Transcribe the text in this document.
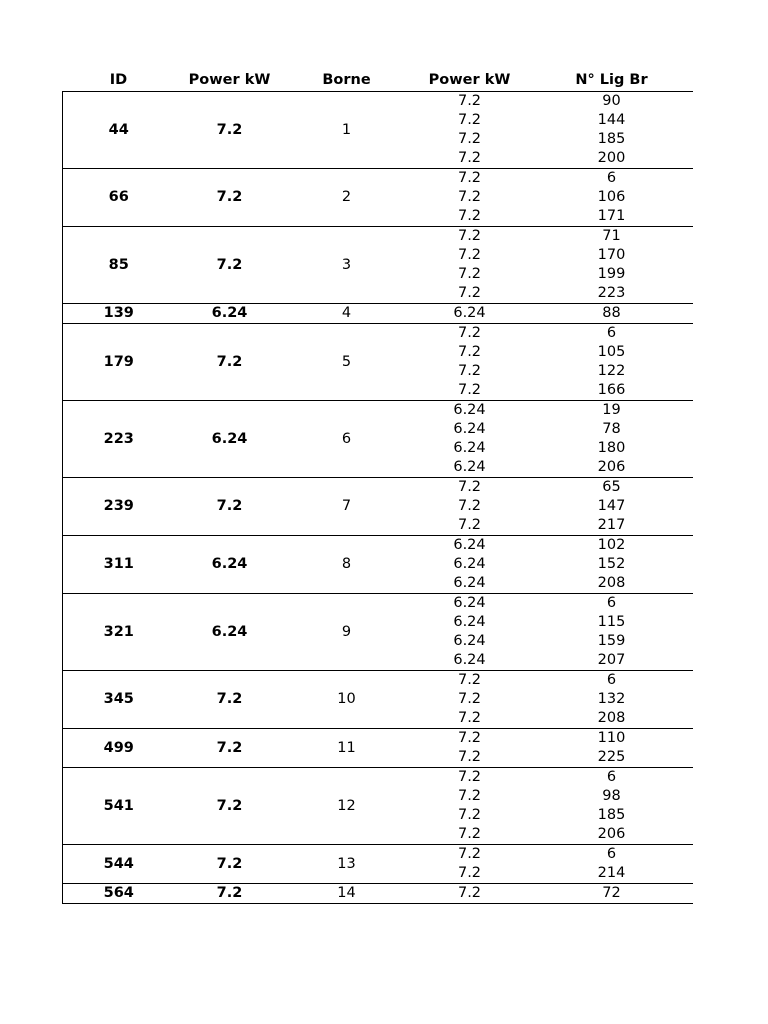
ID	Power kW	Borne	Power kW	N° Lig Br
44	7.2	1	7.2	90
			7.2	144
			7.2	185
			7.2	200
66	7.2	2	7.2	6
			7.2	106
			7.2	171
85	7.2	3	7.2	71
			7.2	170
			7.2	199
			7.2	223
139	6.24	4	6.24	88
179	7.2	5	7.2	6
			7.2	105
			7.2	122
			7.2	166
223	6.24	6	6.24	19
			6.24	78
			6.24	180
			6.24	206
239	7.2	7	7.2	65
			7.2	147
			7.2	217
311	6.24	8	6.24	102
			6.24	152
			6.24	208
321	6.24	9	6.24	6
			6.24	115
			6.24	159
			6.24	207
345	7.2	10	7.2	6
			7.2	132
			7.2	208
499	7.2	11	7.2	110
			7.2	225
541	7.2	12	7.2	6
			7.2	98
			7.2	185
			7.2	206
544	7.2	13	7.2	6
			7.2	214
564	7.2	14	7.2	72
